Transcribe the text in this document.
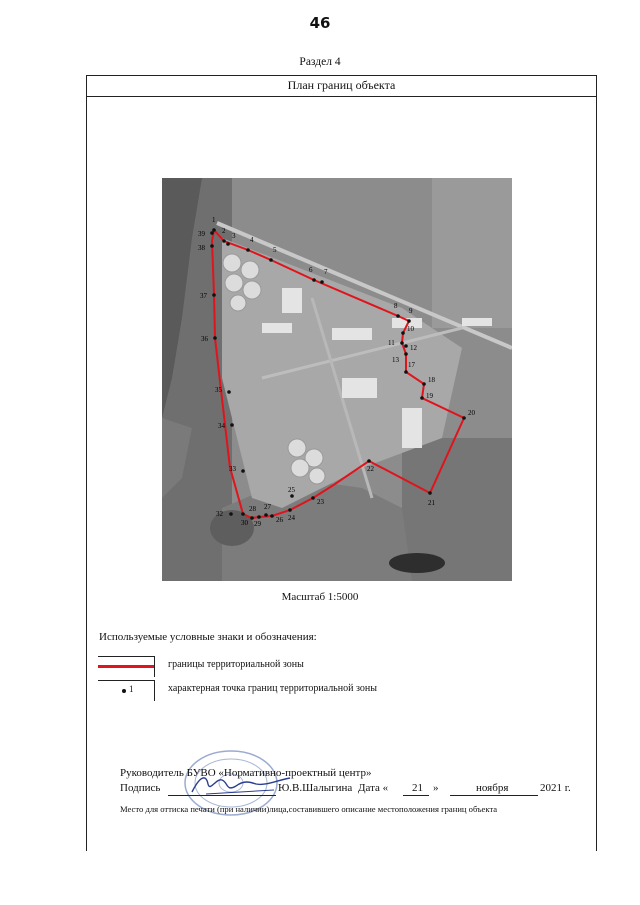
46
Раздел 4
План границ объекта
1
2
3 4
5
6 7
8
9
10
11
12
13
17
18
19
20
21
22
23
24
25
26
27
28
29
30
32
33
34
35
36
37
38
39
Масштаб 1:5000
Используемые условные знаки и обозначения:
границы территориальной зоны
1	характерная точка границ территориальной зоны
Руководитель БУВО «Нормативно-проектный центр»
Подпись	Ю.В.Шалыгина Дата « 21 »	ноября	2021 г.
Место для оттиска печати (при наличии)лица,составившего описание местоположения границ объекта
